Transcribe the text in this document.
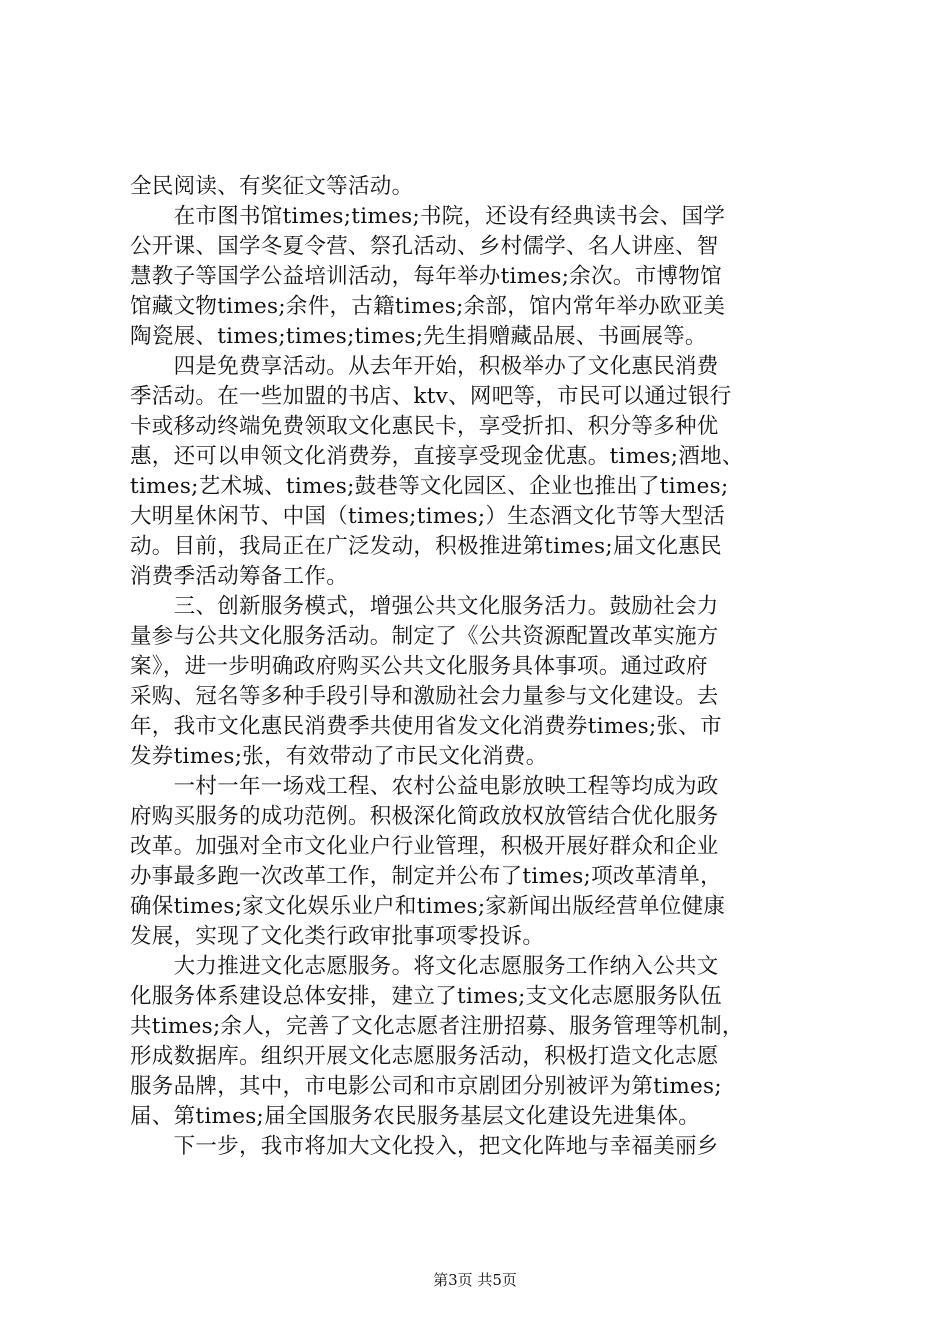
全民阅读、有奖征文等活动。
　　在市图书馆times;times;书院，还设有经典读书会、国学
公开课、国学冬夏令营、祭孔活动、乡村儒学、名人讲座、智
慧教子等国学公益培训活动，每年举办times;余次。市博物馆
馆藏文物times;余件，古籍times;余部，馆内常年举办欧亚美
陶瓷展、times;times;times;先生捐赠藏品展、书画展等。
　　四是免费享活动。从去年开始，积极举办了文化惠民消费
季活动。在一些加盟的书店、ktv、网吧等，市民可以通过银行
卡或移动终端免费领取文化惠民卡，享受折扣、积分等多种优
惠，还可以申领文化消费券，直接享受现金优惠。times;酒地、
times;艺术城、times;鼓巷等文化园区、企业也推出了times;
大明星休闲节、中国（times;times;）生态酒文化节等大型活
动。目前，我局正在广泛发动，积极推进第times;届文化惠民
消费季活动筹备工作。
　　三、创新服务模式，增强公共文化服务活力。鼓励社会力
量参与公共文化服务活动。制定了《公共资源配置改革实施方
案》，进一步明确政府购买公共文化服务具体事项。通过政府
采购、冠名等多种手段引导和激励社会力量参与文化建设。去
年，我市文化惠民消费季共使用省发文化消费券times;张、市
发券times;张，有效带动了市民文化消费。
　　一村一年一场戏工程、农村公益电影放映工程等均成为政
府购买服务的成功范例。积极深化简政放权放管结合优化服务
改革。加强对全市文化业户行业管理，积极开展好群众和企业
办事最多跑一次改革工作，制定并公布了times;项改革清单，
确保times;家文化娱乐业户和times;家新闻出版经营单位健康
发展，实现了文化类行政审批事项零投诉。
　　大力推进文化志愿服务。将文化志愿服务工作纳入公共文
化服务体系建设总体安排，建立了times;支文化志愿服务队伍
共times;余人，完善了文化志愿者注册招募、服务管理等机制，
形成数据库。组织开展文化志愿服务活动，积极打造文化志愿
服务品牌，其中，市电影公司和市京剧团分别被评为第times;
届、第times;届全国服务农民服务基层文化建设先进集体。
　　下一步，我市将加大文化投入，把文化阵地与幸福美丽乡
第3页 共5页
